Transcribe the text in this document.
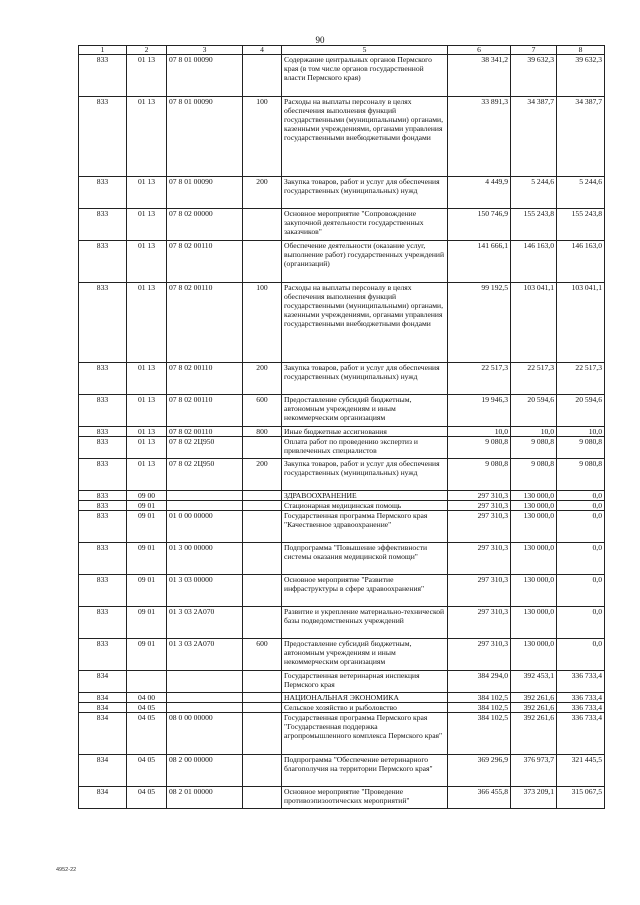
90
1	2	3	4	5	6	7	8
833	01 13	07 8 01 00090		Содержание центральных органов Пермского края (в том числе органов государственной власти Пермского края)	38 341,2	39 632,3	39 632,3
833	01 13	07 8 01 00090	100	Расходы на выплаты персоналу в целях обеспечения выполнения функций государственными (муниципальными) органами, казенными учреждениями, органами управления государственными внебюджетными фондами	33 891,3	34 387,7	34 387,7
833	01 13	07 8 01 00090	200	Закупка товаров, работ и услуг для обеспечения государственных (муниципальных) нужд	4 449,9	5 244,6	5 244,6
833	01 13	07 8 02 00000		Основное мероприятие "Сопровождение закупочной деятельности государственных заказчиков"	150 746,9	155 243,8	155 243,8
833	01 13	07 8 02 00110		Обеспечение деятельности (оказание услуг, выполнение работ) государственных учреждений (организаций)	141 666,1	146 163,0	146 163,0
833	01 13	07 8 02 00110	100	Расходы на выплаты персоналу в целях обеспечения выполнения функций государственными (муниципальными) органами, казенными учреждениями, органами управления государственными внебюджетными фондами	99 192,5	103 041,1	103 041,1
833	01 13	07 8 02 00110	200	Закупка товаров, работ и услуг для обеспечения государственных (муниципальных) нужд	22 517,3	22 517,3	22 517,3
833	01 13	07 8 02 00110	600	Предоставление субсидий бюджетным, автономным учреждениям и иным некоммерческим организациям	19 946,3	20 594,6	20 594,6
833	01 13	07 8 02 00110	800	Иные бюджетные ассигнования	10,0	10,0	10,0
833	01 13	07 8 02 2Ц950		Оплата работ по проведению экспертиз и привлеченных специалистов	9 080,8	9 080,8	9 080,8
833	01 13	07 8 02 2Ц950	200	Закупка товаров, работ и услуг для обеспечения государственных (муниципальных) нужд	9 080,8	9 080,8	9 080,8
833	09 00			ЗДРАВООХРАНЕНИЕ	297 310,3	130 000,0	0,0
833	09 01			Стационарная медицинская помощь	297 310,3	130 000,0	0,0
833	09 01	01 0 00 00000		Государственная программа Пермского края "Качественное здравоохранение"	297 310,3	130 000,0	0,0
833	09 01	01 3 00 00000		Подпрограмма "Повышение эффективности системы оказания медицинской помощи"	297 310,3	130 000,0	0,0
833	09 01	01 3 03 00000		Основное мероприятие "Развитие инфраструктуры в сфере здравоохранения"	297 310,3	130 000,0	0,0
833	09 01	01 3 03 2А070		Развитие и укрепление материально-технической базы подведомственных учреждений	297 310,3	130 000,0	0,0
833	09 01	01 3 03 2А070	600	Предоставление субсидий бюджетным, автономным учреждениям и иным некоммерческим организациям	297 310,3	130 000,0	0,0
834				Государственная ветеринарная инспекция Пермского края	384 294,0	392 453,1	336 733,4
834	04 00			НАЦИОНАЛЬНАЯ ЭКОНОМИКА	384 102,5	392 261,6	336 733,4
834	04 05			Сельское хозяйство и рыболовство	384 102,5	392 261,6	336 733,4
834	04 05	08 0 00 00000		Государственная программа Пермского края "Государственная поддержка агропромышленного комплекса Пермского края"	384 102,5	392 261,6	336 733,4
834	04 05	08 2 00 00000		Подпрограмма "Обеспечение ветеринарного благополучия на территории Пермского края"	369 296,9	376 973,7	321 445,5
834	04 05	08 2 01 00000		Основное мероприятие "Проведение противоэпизоотических мероприятий"	366 455,8	373 209,1	315 067,5
4952-22
